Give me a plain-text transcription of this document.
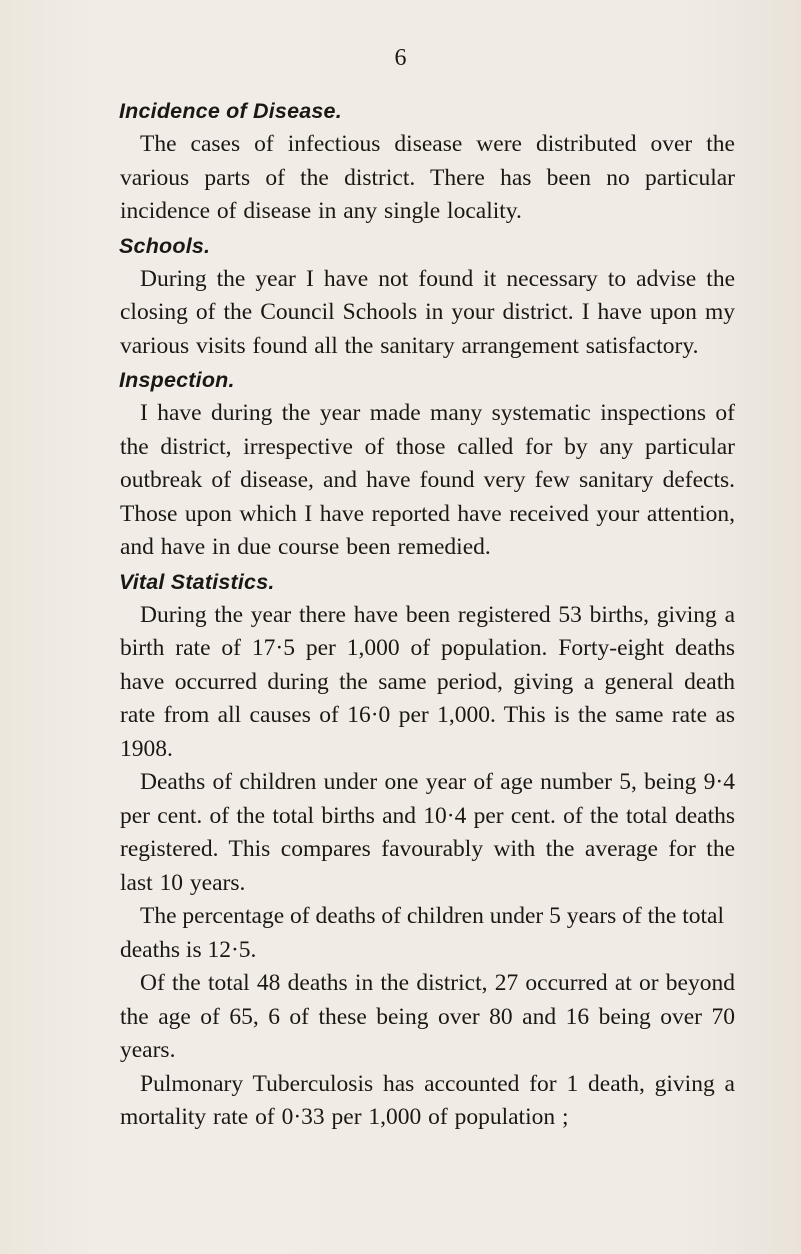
6
Incidence of Disease.

The cases of infectious disease were distributed over the various parts of the district. There has been no particular incidence of disease in any single locality.

Schools.

During the year I have not found it necessary to advise the closing of the Council Schools in your district. I have upon my various visits found all the sanitary arrangement satisfactory.

Inspection.

I have during the year made many systematic inspections of the district, irrespective of those called for by any particular outbreak of disease, and have found very few sanitary defects. Those upon which I have reported have received your attention, and have in due course been remedied.

Vital Statistics.

During the year there have been registered 53 births, giving a birth rate of 17·5 per 1,000 of population. Forty-eight deaths have occurred during the same period, giving a general death rate from all causes of 16·0 per 1,000. This is the same rate as 1908.

Deaths of children under one year of age number 5, being 9·4 per cent. of the total births and 10·4 per cent. of the total deaths registered. This compares favourably with the average for the last 10 years.

The percentage of deaths of children under 5 years of the total deaths is 12·5.

Of the total 48 deaths in the district, 27 occurred at or beyond the age of 65, 6 of these being over 80 and 16 being over 70 years.

Pulmonary Tuberculosis has accounted for 1 death, giving a mortality rate of 0·33 per 1,000 of population ;
